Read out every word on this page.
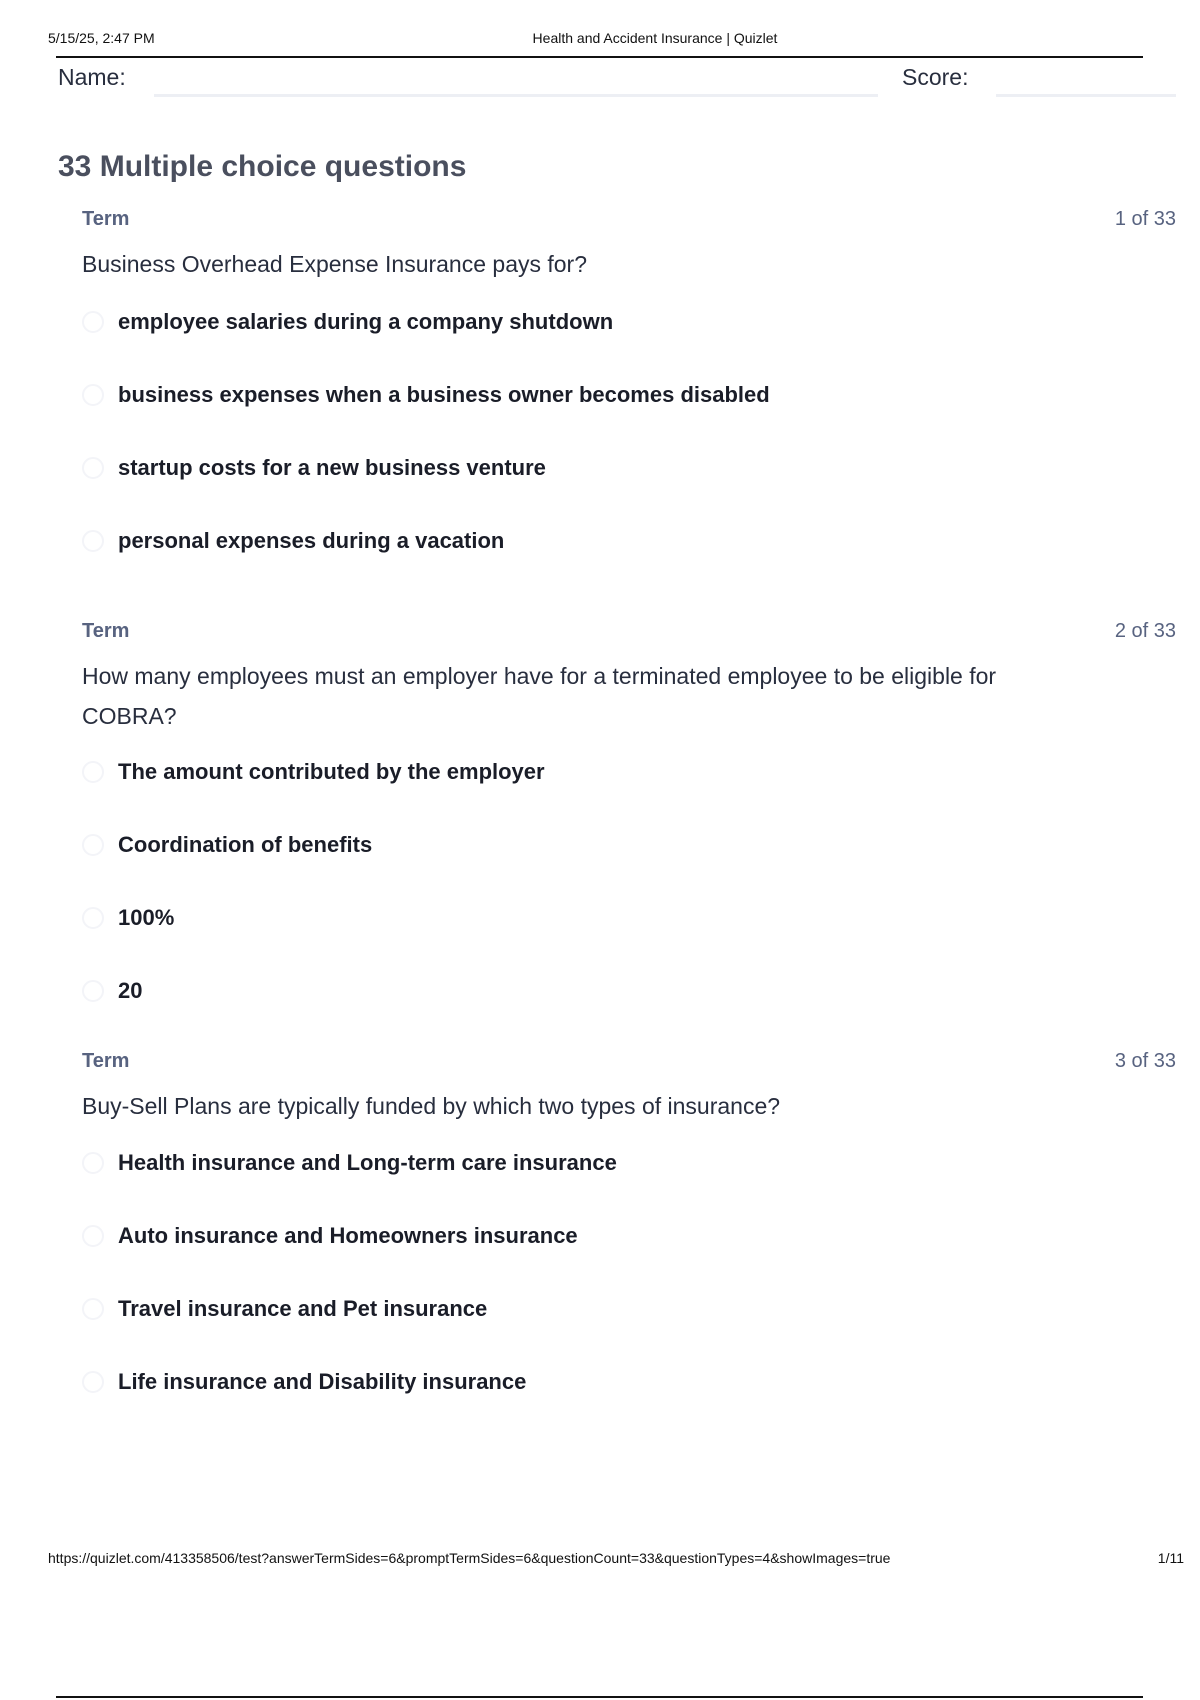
5/15/25, 2:47 PM	Health and Accident Insurance | Quizlet
Name:	Score:
33 Multiple choice questions
Term	1 of 33
Business Overhead Expense Insurance pays for?
employee salaries during a company shutdown
business expenses when a business owner becomes disabled
startup costs for a new business venture
personal expenses during a vacation
Term	2 of 33
How many employees must an employer have for a terminated employee to be eligible for COBRA?
The amount contributed by the employer
Coordination of benefits
100%
20
Term	3 of 33
Buy-Sell Plans are typically funded by which two types of insurance?
Health insurance and Long-term care insurance
Auto insurance and Homeowners insurance
Travel insurance and Pet insurance
Life insurance and Disability insurance
https://quizlet.com/413358506/test?answerTermSides=6&promptTermSides=6&questionCount=33&questionTypes=4&showImages=true	1/11
